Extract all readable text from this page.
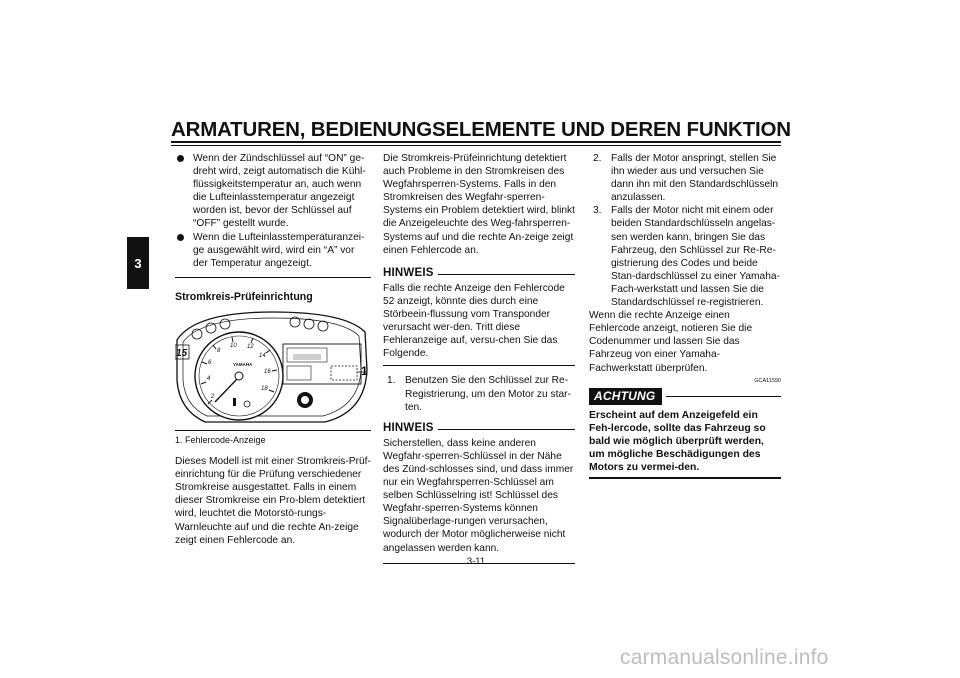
ARMATUREN, BEDIENUNGSELEMENTE UND DEREN FUNKTION
3
Wenn der Zündschlüssel auf “ON” ge-dreht wird, zeigt automatisch die Kühl-flüssigkeitstemperatur an, auch wenn die Lufteinlasstemperatur angezeigt worden ist, bevor der Schlüssel auf “OFF” gestellt wurde.
Wenn die Lufteinlasstemperaturanzei-ge ausgewählt wird, wird ein “A” vor der Temperatur angezeigt.

Stromkreis-Prüfeinrichtung

2
4
6
8
10 12
14
16
18
YAMAHA
15
1

1. Fehlercode-Anzeige

Dieses Modell ist mit einer Stromkreis-Prüf-einrichtung für die Prüfung verschiedener Stromkreise ausgestattet. Falls in einem dieser Stromkreise ein Pro-blem detektiert wird, leuchtet die Motorstö-rungs-Warnleuchte auf und die rechte An-zeige zeigt einen Fehlercode an.

Die Stromkreis-Prüfeinrichtung detektiert auch Probleme in den Stromkreisen des Wegfahrsperren-Systems. Falls in den Stromkreisen des Wegfahr-sperren-Systems ein Problem detektiert wird, blinkt die Anzeigeleuchte des Weg-fahrsperren-Systems auf und die rechte An-zeige zeigt einen Fehlercode an.

HINWEIS

Falls die rechte Anzeige den Fehlercode 52 anzeigt, könnte dies durch eine Störbeein-flussung vom Transponder verursacht wer-den. Tritt diese Fehleranzeige auf, versu-chen Sie das Folgende.

1. Benutzen Sie den Schlüssel zur Re-Registrierung, um den Motor zu star-ten.
HINWEIS

Sicherstellen, dass keine anderen Wegfahr-sperren-Schlüssel in der Nähe des Zünd-schlosses sind, und dass immer nur ein Wegfahrsperren-Schlüssel am selben Schlüsselring ist! Schlüssel des Wegfahr-sperren-Systems können Signalüberlage-rungen verursachen, wodurch der Motor möglicherweise nicht angelassen werden kann.

2. Falls der Motor anspringt, stellen Sie ihn wieder aus und versuchen Sie dann ihn mit den Standardschlüsseln anzulassen.
3. Falls der Motor nicht mit einem oder beiden Standardschlüsseln angelas-sen werden kann, bringen Sie das Fahrzeug, den Schlüssel zur Re-Re-gistrierung des Codes und beide Stan-dardschlüssel zu einer Yamaha-Fach-werkstatt und lassen Sie die Standardschlüssel re-registrieren.

Wenn die rechte Anzeige einen Fehlercode anzeigt, notieren Sie die Codenummer und lassen Sie das Fahrzeug von einer Yamaha-Fachwerkstatt überprüfen.

GCA11590
ACHTUNG

Erscheint auf dem Anzeigefeld ein Feh-lercode, sollte das Fahrzeug so bald wie möglich überprüft werden, um mögliche Beschädigungen des Motors zu vermei-den.

3-11
carmanualsonline.info
